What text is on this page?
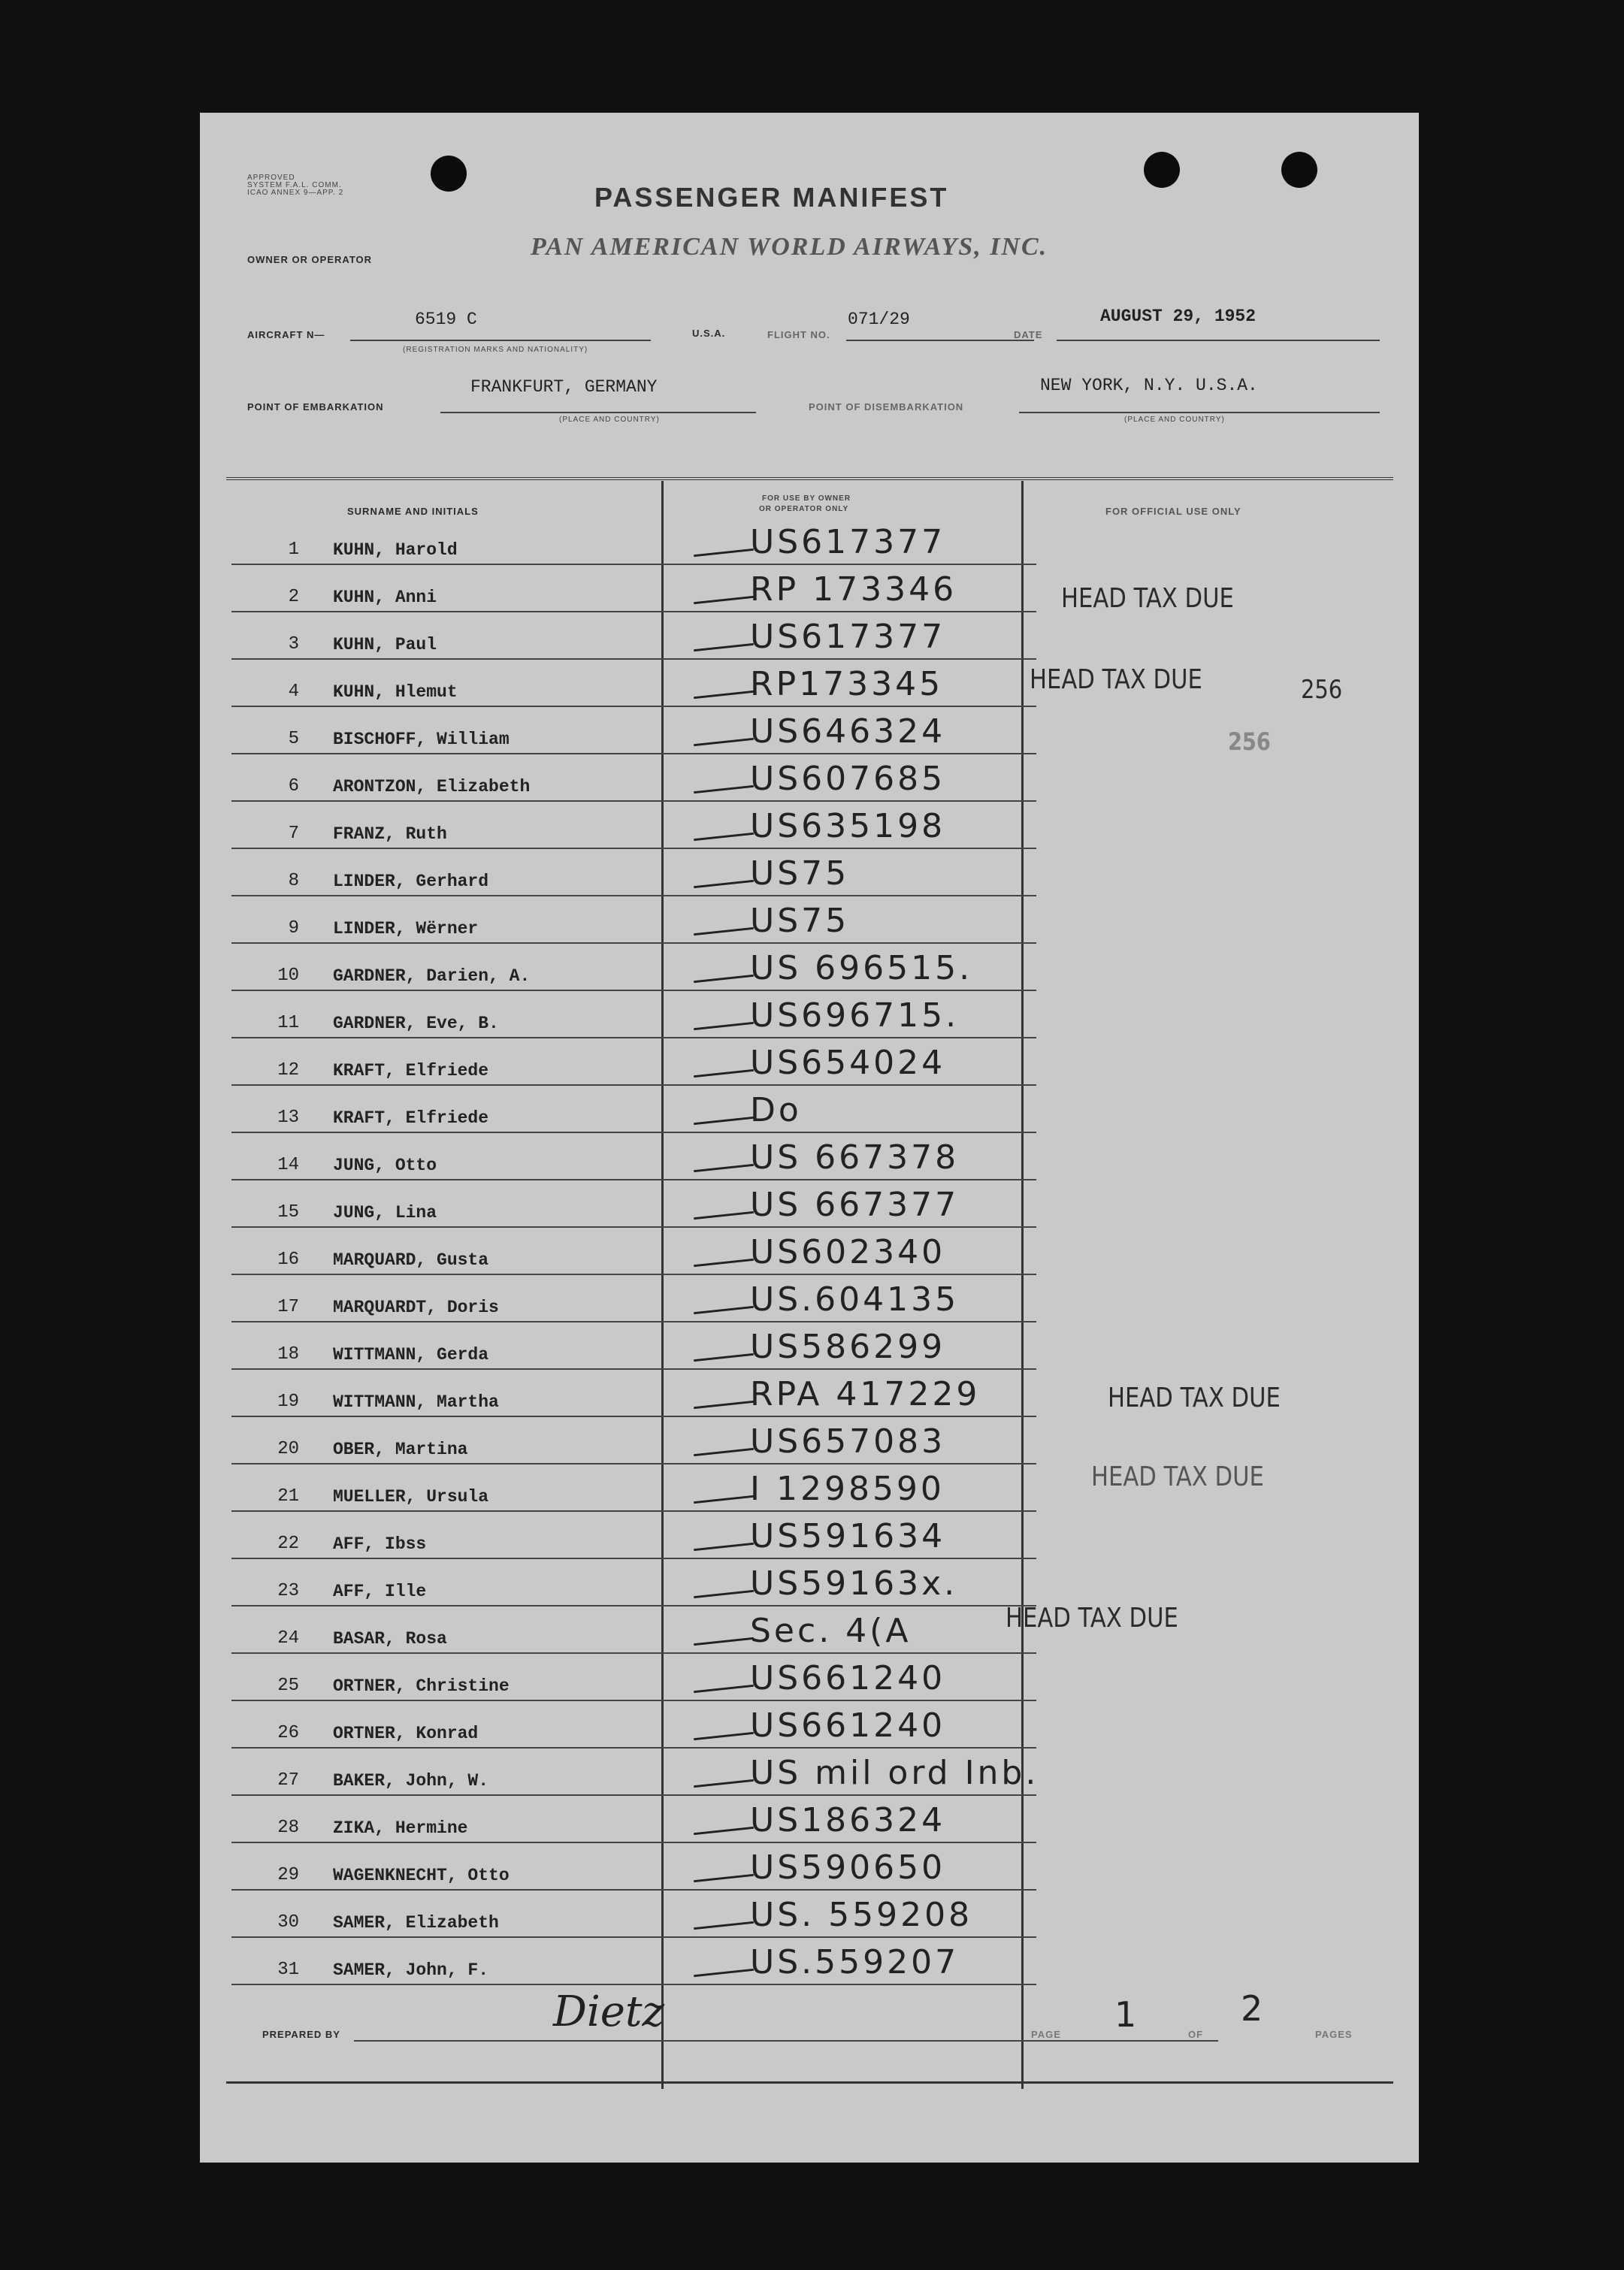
APPROVED
SYSTEM F.A.L. COMM.
ICAO ANNEX 9—APP. 2	PASSENGER MANIFEST
OWNER OR OPERATOR	PAN AMERICAN WORLD AIRWAYS, INC.
AIRCRAFT N—
6519 C
(REGISTRATION MARKS AND NATIONALITY)
U.S.A.	FLIGHT NO.
071/29
DATE
AUGUST 29, 1952
POINT OF EMBARKATION
FRANKFURT, GERMANY
(PLACE AND COUNTRY)
POINT OF DISEMBARKATION
NEW YORK, N.Y. U.S.A.
(PLACE AND COUNTRY)
SURNAME AND INITIALS
FOR USE BY OWNER
OR OPERATOR ONLY	FOR OFFICIAL USE ONLY
1 KUHN, Harold	US617377
2 KUHN, Anni	RP 173346
3 KUHN, Paul	US617377
4 KUHN, Hlemut	RP173345
5 BISCHOFF, William	US646324
6 ARONTZON, Elizabeth	US607685
7 FRANZ, Ruth	US635198
8 LINDER, Gerhard	US75
9 LINDER, Wërner	US75
10 GARDNER, Darien, A.	US 696515.
11 GARDNER, Eve, B.	US696715.
12 KRAFT, Elfriede	US654024
13 KRAFT, Elfriede	Do
14 JUNG, Otto	US 667378
15 JUNG, Lina	US 667377
16 MARQUARD, Gusta	US602340
17 MARQUARDT, Doris	US.604135
18 WITTMANN, Gerda	US586299
19 WITTMANN, Martha	RPA 417229
20 OBER, Martina	US657083
21 MUELLER, Ursula	I 1298590
22 AFF, Ibss	US591634
23 AFF, Ille	US59163x.
24 BASAR, Rosa	Sec. 4(A
25 ORTNER, Christine	US661240
26 ORTNER, Konrad	US661240
27 BAKER, John, W.	US mil ord Inb.
28 ZIKA, Hermine	US186324
29 WAGENKNECHT, Otto	US590650
30 SAMER, Elizabeth	US. 559208
31 SAMER, John, F.	US.559207
HEAD TAX DUE
HEAD TAX DUE	256
256
HEAD TAX DUE
HEAD TAX DUE
HEAD TAX DUE
PREPARED BY	Dietz	PAGE 1	OF
2
PAGES
